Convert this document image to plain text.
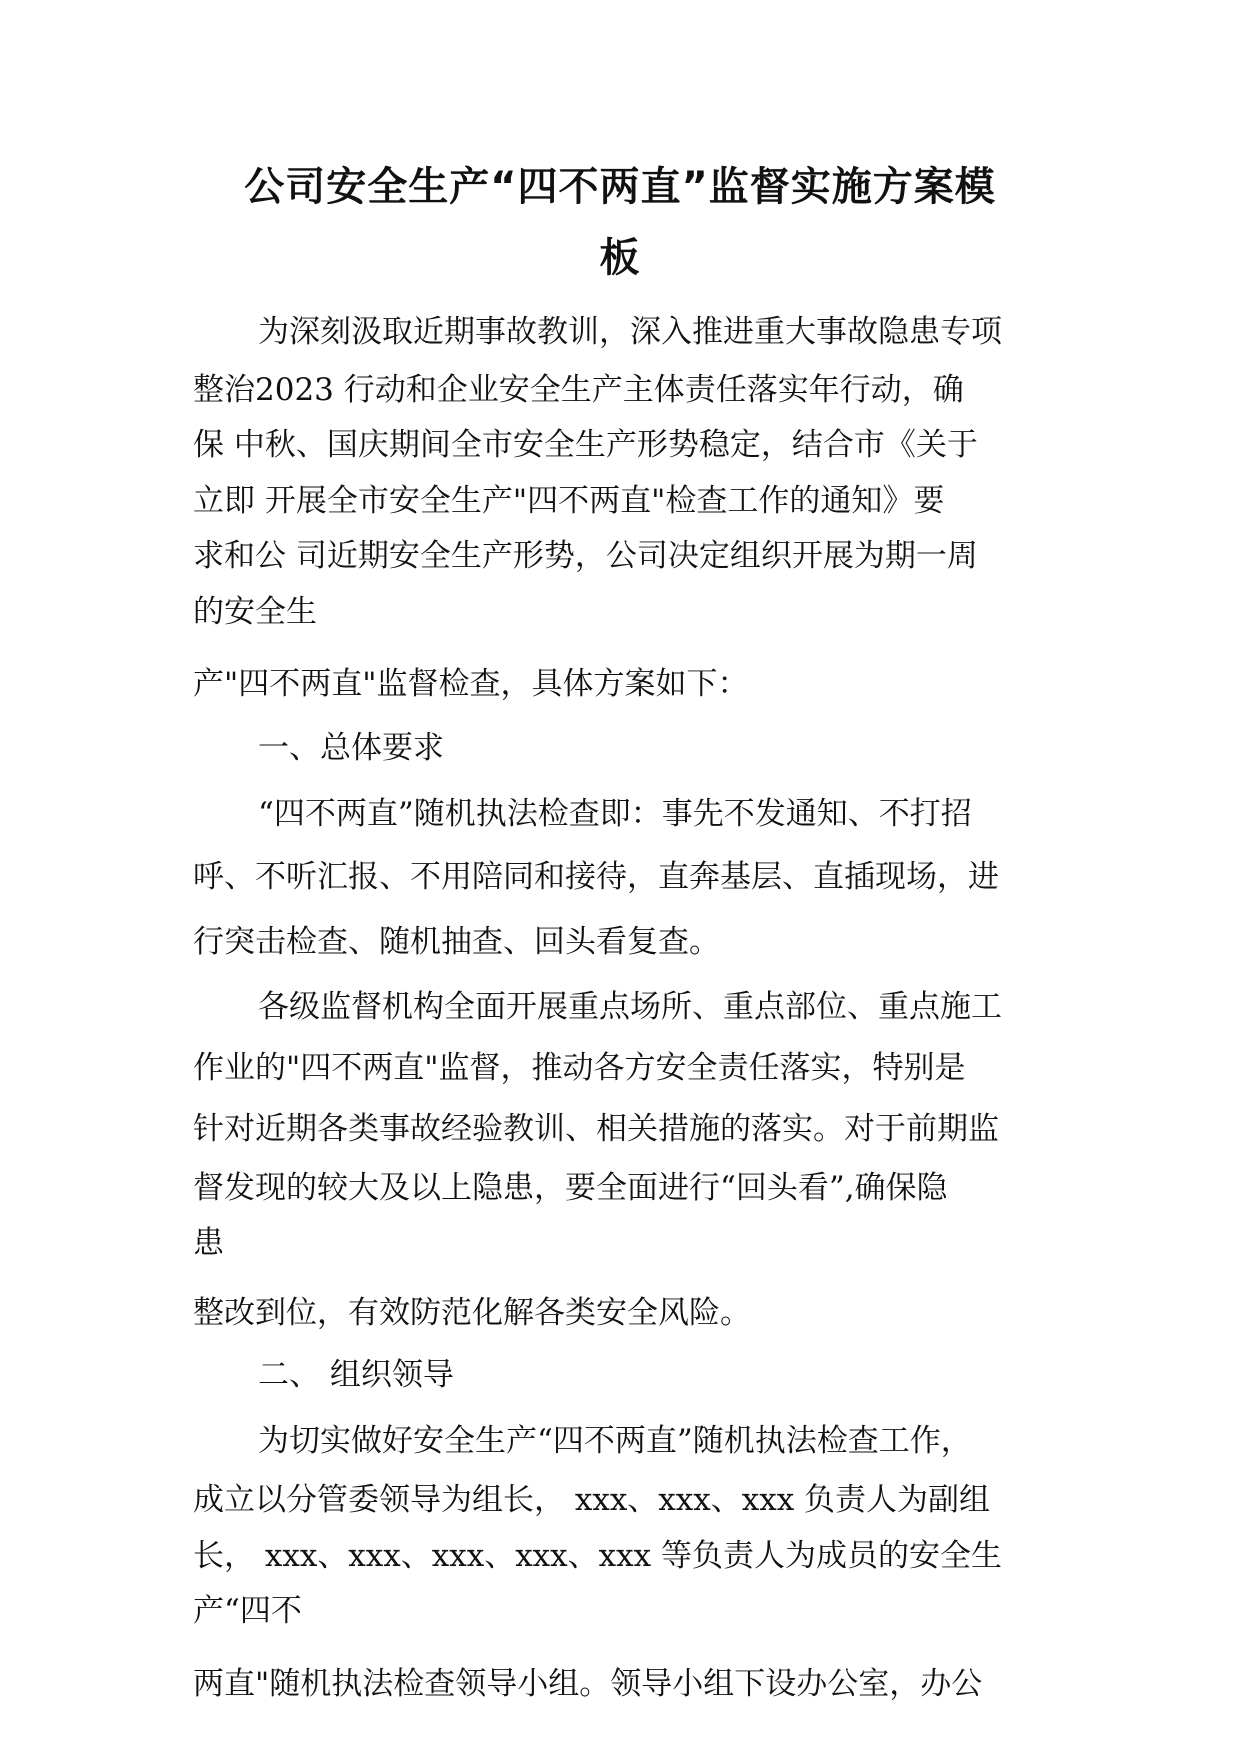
公司安全生产“四不两直”监督实施方案模
板
为深刻汲取近期事故教训，深入推进重大事故隐患专项
整治2023 行动和企业安全生产主体责任落实年行动，确
保 中秋、国庆期间全市安全生产形势稳定，结合市《关于
立即 开展全市安全生产"四不两直"检查工作的通知》要
求和公 司近期安全生产形势，公司决定组织开展为期一周
的安全生
产"四不两直"监督检查，具体方案如下：
一、总体要求
“四不两直”随机执法检查即：事先不发通知、不打招
呼、不听汇报、不用陪同和接待，直奔基层、直插现场，进
行突击检查、随机抽查、回头看复查。
各级监督机构全面开展重点场所、重点部位、重点施工
作业的"四不两直"监督，推动各方安全责任落实，特别是
针对近期各类事故经验教训、相关措施的落实。对于前期监
督发现的较大及以上隐患，要全面进行“回头看”,确保隐
患
整改到位，有效防范化解各类安全风险。
二、 组织领导
为切实做好安全生产“四不两直”随机执法检查工作，
成立以分管委领导为组长， xxx、xxx、xxx 负责人为副组
长， xxx、xxx、xxx、xxx、xxx 等负责人为成员的安全生
产“四不
两直"随机执法检查领导小组。领导小组下设办公室，办公
